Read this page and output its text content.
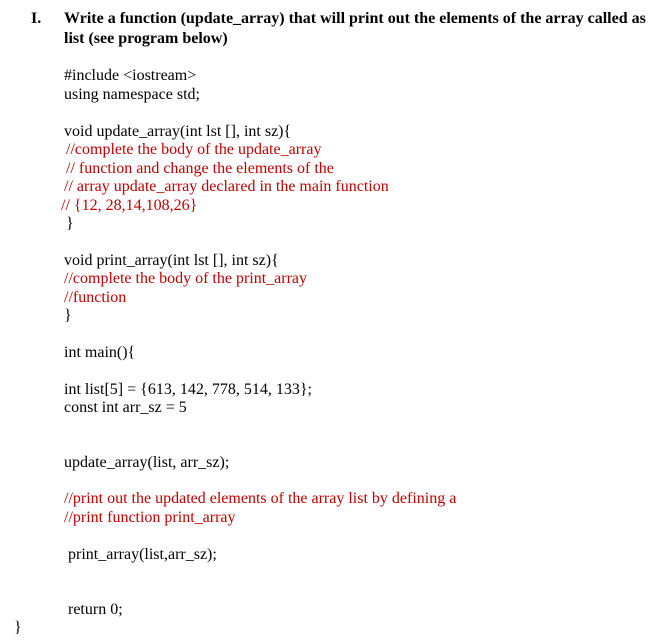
I. Write a function (update_array) that will print out the elements of the array called as list (see program below)
#include <iostream>
using namespace std;
void update_array(int lst [], int sz){
//complete the body of the update_array
// function and change the elements of the
// array update_array declared in the main function
// {12, 28,14,108,26}
}
void print_array(int lst [], int sz){
//complete the body of the print_array
//function
}
int main(){
int list[5] = {613, 142, 778, 514, 133};
const int arr_sz = 5
update_array(list, arr_sz);
//print out the updated elements of the array list by defining a
//print function print_array
print_array(list,arr_sz);
return 0;
}
